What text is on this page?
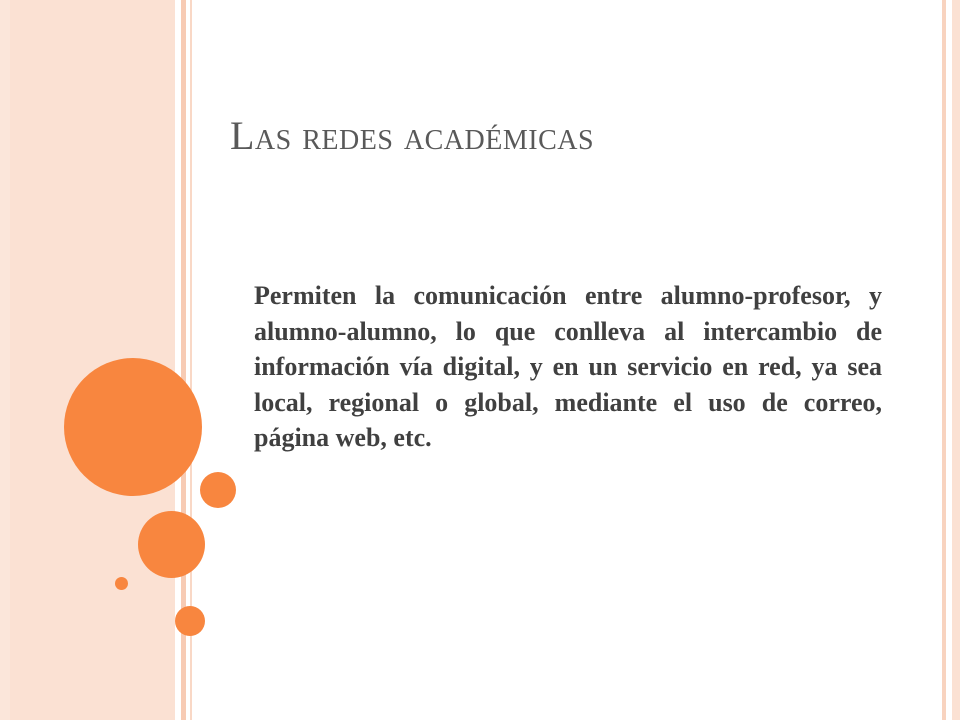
Las redes académicas

Permiten la comunicación entre alumno-profesor, y alumno-alumno, lo que conlleva al intercambio de información vía digital, y en un servicio en red, ya sea local, regional o global, mediante el uso de correo, página web, etc.
